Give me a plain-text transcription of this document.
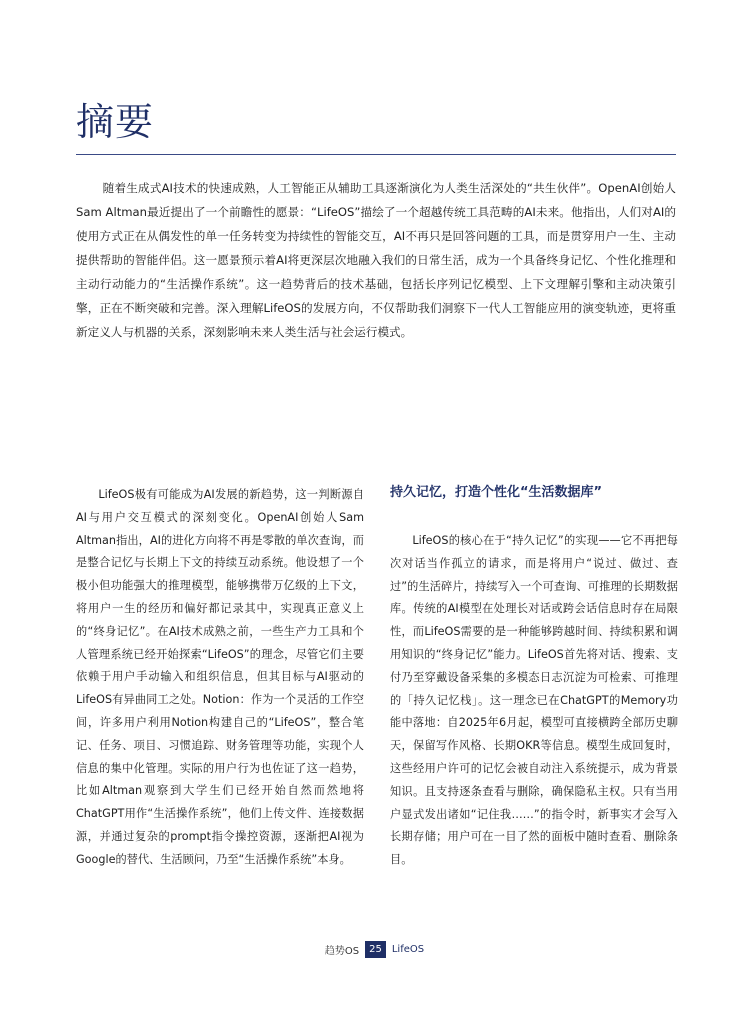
摘要

随着生成式AI技术的快速成熟，人工智能正从辅助工具逐渐演化为人类生活深处的“共生伙伴”。OpenAI创始人Sam Altman最近提出了一个前瞻性的愿景：“LifeOS”描绘了一个超越传统工具范畴的AI未来。他指出，人们对AI的使用方式正在从偶发性的单一任务转变为持续性的智能交互，AI不再只是回答问题的工具，而是贯穿用户一生、主动提供帮助的智能伴侣。这一愿景预示着AI将更深层次地融入我们的日常生活，成为一个具备终身记忆、个性化推理和主动行动能力的“生活操作系统”。这一趋势背后的技术基础，包括长序列记忆模型、上下文理解引擎和主动决策引擎，正在不断突破和完善。深入理解LifeOS的发展方向，不仅帮助我们洞察下一代人工智能应用的演变轨迹，更将重新定义人与机器的关系，深刻影响未来人类生活与社会运行模式。

LifeOS极有可能成为AI发展的新趋势，这一判断源自AI与用户交互模式的深刻变化。OpenAI创始人Sam Altman指出，AI的进化方向将不再是零散的单次查询，而是整合记忆与长期上下文的持续互动系统。他设想了一个极小但功能强大的推理模型，能够携带万亿级的上下文，将用户一生的经历和偏好都记录其中，实现真正意义上的“终身记忆”。在AI技术成熟之前，一些生产力工具和个人管理系统已经开始探索“LifeOS”的理念，尽管它们主要依赖于用户手动输入和组织信息，但其目标与AI驱动的LifeOS有异曲同工之处。Notion：作为一个灵活的工作空间，许多用户利用Notion构建自己的“LifeOS”，整合笔记、任务、项目、习惯追踪、财务管理等功能，实现个人信息的集中化管理。实际的用户行为也佐证了这一趋势，比如Altman观察到大学生们已经开始自然而然地将ChatGPT用作“生活操作系统”，他们上传文件、连接数据源，并通过复杂的prompt指令操控资源，逐渐把AI视为Google的替代、生活顾问，乃至“生活操作系统”本身。

持久记忆，打造个性化“生活数据库”

LifeOS的核心在于“持久记忆”的实现——它不再把每次对话当作孤立的请求，而是将用户“说过、做过、查过”的生活碎片，持续写入一个可查询、可推理的长期数据库。传统的AI模型在处理长对话或跨会话信息时存在局限性，而LifeOS需要的是一种能够跨越时间、持续积累和调用知识的“终身记忆”能力。LifeOS首先将对话、搜索、支付乃至穿戴设备采集的多模态日志沉淀为可检索、可推理的「持久记忆栈」。这一理念已在ChatGPT的Memory功能中落地：自2025年6月起，模型可直接横跨全部历史聊天，保留写作风格、长期OKR等信息。模型生成回复时，这些经用户许可的记忆会被自动注入系统提示，成为背景知识。且支持逐条查看与删除，确保隐私主权。只有当用户显式发出诸如“记住我……”的指令时，新事实才会写入长期存储；用户可在一目了然的面板中随时查看、删除条目。

趋势OS	25	LifeOS
